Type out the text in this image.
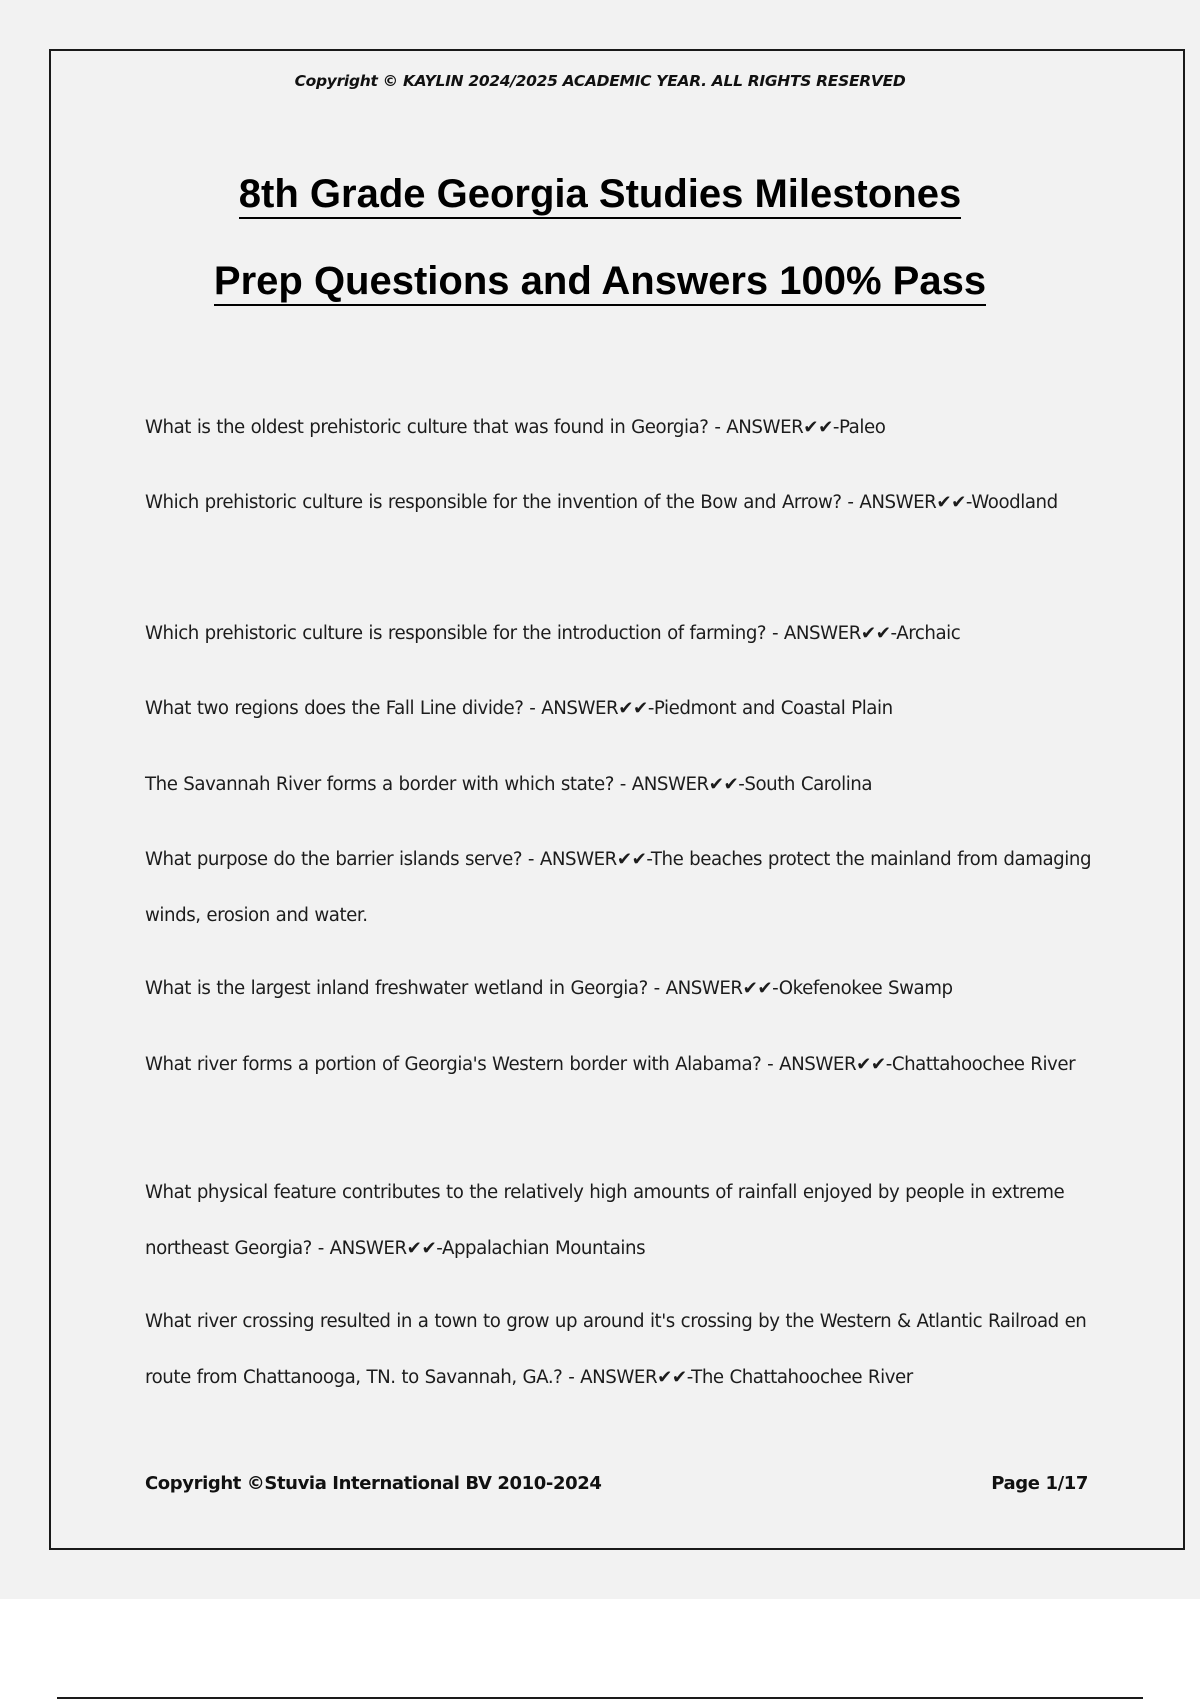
Copyright © KAYLIN 2024/2025 ACADEMIC YEAR. ALL RIGHTS RESERVED
8th Grade Georgia Studies Milestones
Prep Questions and Answers 100% Pass

What is the oldest prehistoric culture that was found in Georgia? - ANSWER✔✔-Paleo

Which prehistoric culture is responsible for the invention of the Bow and Arrow? - ANSWER✔✔-Woodland

Which prehistoric culture is responsible for the introduction of farming? - ANSWER✔✔-Archaic

What two regions does the Fall Line divide? - ANSWER✔✔-Piedmont and Coastal Plain

The Savannah River forms a border with which state? - ANSWER✔✔-South Carolina

What purpose do the barrier islands serve? - ANSWER✔✔-The beaches protect the mainland from damaging winds, erosion and water.

What is the largest inland freshwater wetland in Georgia? - ANSWER✔✔-Okefenokee Swamp

What river forms a portion of Georgia's Western border with Alabama? - ANSWER✔✔-Chattahoochee River

What physical feature contributes to the relatively high amounts of rainfall enjoyed by people in extreme northeast Georgia? - ANSWER✔✔-Appalachian Mountains

What river crossing resulted in a town to grow up around it's crossing by the Western & Atlantic Railroad en route from Chattanooga, TN. to Savannah, GA.? - ANSWER✔✔-The Chattahoochee River

Copyright ©Stuvia International BV 2010-2024	Page 1/17
